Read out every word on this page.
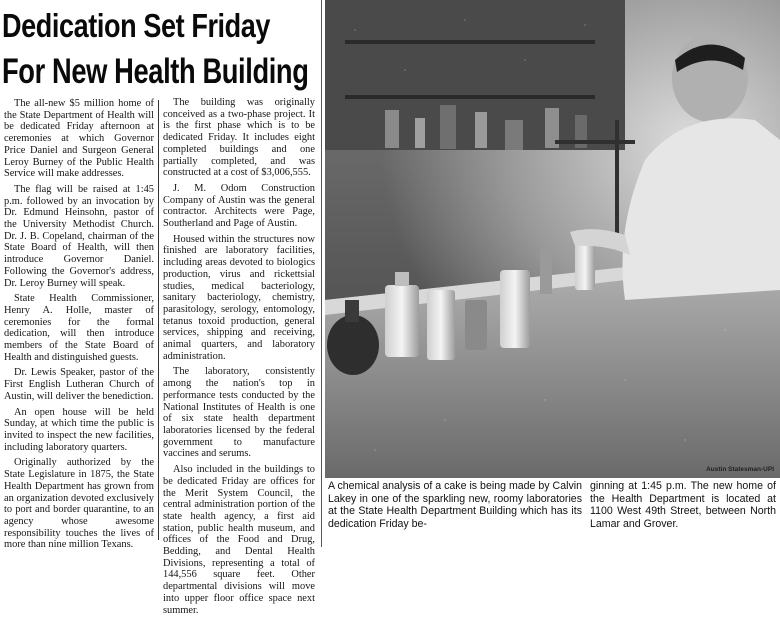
Dedication Set Friday
For New Health Building

The all-new $5 million home of the State Department of Health will be dedicated Friday afternoon at ceremonies at which Governor Price Daniel and Surgeon General Leroy Burney of the Public Health Service will make addresses.

The flag will be raised at 1:45 p.m. followed by an invocation by Dr. Edmund Heinsohn, pastor of the University Methodist Church. Dr. J. B. Copeland, chairman of the State Board of Health, will then introduce Governor Daniel. Following the Governor's address, Dr. Leroy Burney will speak.

State Health Commissioner, Henry A. Holle, master of ceremonies for the formal dedication, will then introduce members of the State Board of Health and distinguished guests.

Dr. Lewis Speaker, pastor of the First English Lutheran Church of Austin, will deliver the benediction.

An open house will be held Sunday, at which time the public is invited to inspect the new facilities, including laboratory quarters.

Originally authorized by the State Legislature in 1875, the State Health Department has grown from an organization devoted exclusively to port and border quarantine, to an agency whose awesome responsibility touches the lives of more than nine million Texans.

The building was originally conceived as a two-phase project. It is the first phase which is to be dedicated Friday. It includes eight completed buildings and one partially completed, and was constructed at a cost of $3,006,555.

J. M. Odom Construction Company of Austin was the general contractor. Architects were Page, Southerland and Page of Austin.

Housed within the structures now finished are laboratory facilities, including areas devoted to biologics production, virus and rickettsial studies, medical bacteriology, sanitary bacteriology, chemistry, parasitology, serology, entomology, tetanus toxoid production, general services, shipping and receiving, animal quarters, and laboratory administration.

The laboratory, consistently among the nation's top in performance tests conducted by the National Institutes of Health is one of six state health department laboratories licensed by the federal government to manufacture vaccines and serums.

Also included in the buildings to be dedicated Friday are offices for the Merit System Council, the central administration portion of the state health agency, a first aid station, public health museum, and offices of the Food and Drug, Bedding, and Dental Health Divisions, representing a total of 144,556 square feet. Other departmental divisions will move into upper floor office space next summer.

Austin Statesman-UPI
A chemical analysis of a cake is being made by Calvin Lakey in one of the sparkling new, roomy laboratories at the State Health Department Building which has its dedication Friday be-
ginning at 1:45 p.m. The new home of the Health Department is located at 1100 West 49th Street, between North Lamar and Grover.
